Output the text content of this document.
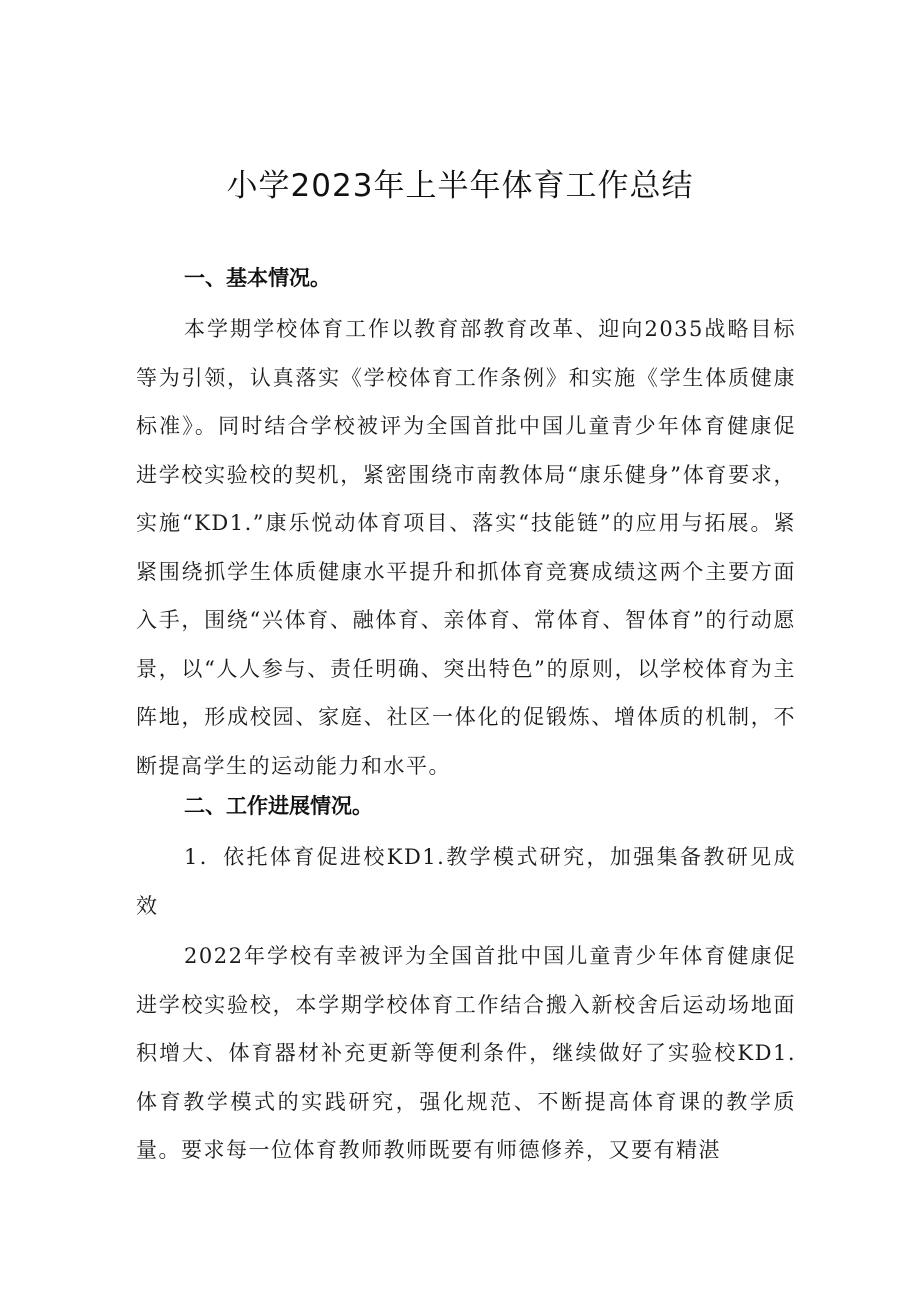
小学2023年上半年体育工作总结
一、基本情况。
本学期学校体育工作以教育部教育改革、迎向2035战略目标等为引领，认真落实《学校体育工作条例》和实施《学生体质健康标准》。同时结合学校被评为全国首批中国儿童青少年体育健康促进学校实验校的契机，紧密围绕市南教体局“康乐健身”体育要求，实施“KD1.”康乐悦动体育项目、落实“技能链”的应用与拓展。紧紧围绕抓学生体质健康水平提升和抓体育竞赛成绩这两个主要方面入手，围绕“兴体育、融体育、亲体育、常体育、智体育”的行动愿景，以“人人参与、责任明确、突出特色”的原则，以学校体育为主阵地，形成校园、家庭、社区一体化的促锻炼、增体质的机制，不断提高学生的运动能力和水平。
二、工作进展情况。
1．依托体育促进校KD1.教学模式研究，加强集备教研见成效
2022年学校有幸被评为全国首批中国儿童青少年体育健康促进学校实验校，本学期学校体育工作结合搬入新校舍后运动场地面积增大、体育器材补充更新等便利条件，继续做好了实验校KD1.体育教学模式的实践研究，强化规范、不断提高体育课的教学质量。要求每一位体育教师教师既要有师德修养，又要有精湛
